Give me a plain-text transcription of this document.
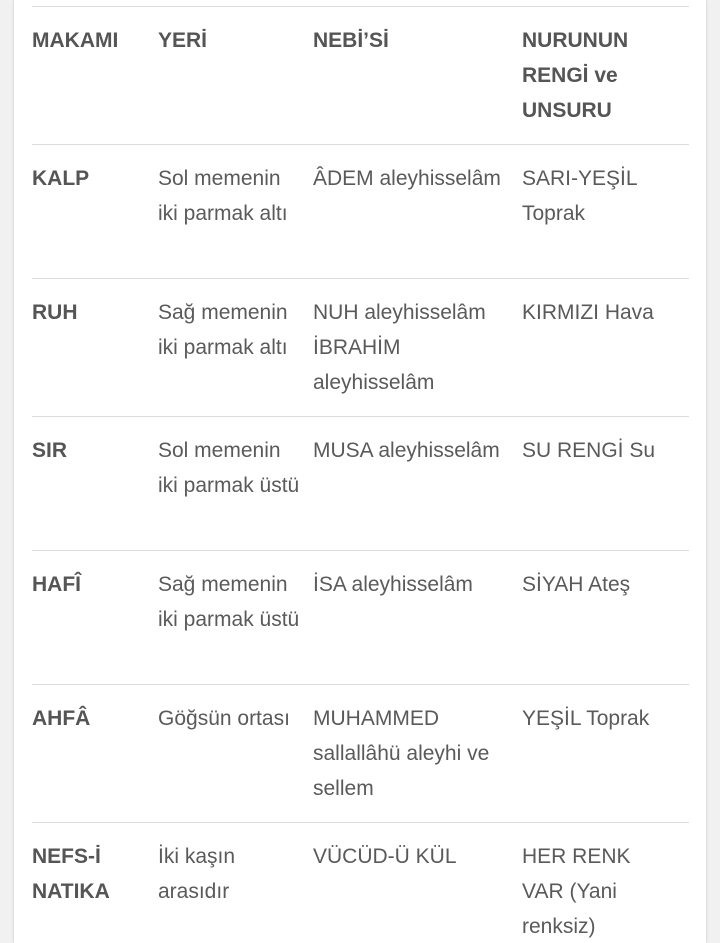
MAKAMI	YERİ	NEBİ’Sİ	NURUNUN RENGİ ve UNSURU
KALP	Sol memenin iki parmak altı	ÂDEM aleyhisselâm	SARI-YEŞİL Toprak
RUH	Sağ memenin iki parmak altı	NUH aleyhisselâm İBRAHİM aleyhisselâm	KIRMIZI Hava
SIR	Sol memenin iki parmak üstü	MUSA aleyhisselâm	SU RENGİ Su
HAFÎ	Sağ memenin iki parmak üstü	İSA aleyhisselâm	SİYAH Ateş
AHFÂ	Göğsün ortası	MUHAMMED sallallâhü aleyhi ve sellem	YEŞİL Toprak
NEFS-İ NATIKA	İki kaşın arasıdır	VÜCÜD-Ü KÜL	HER RENK VAR (Yani renksiz)
